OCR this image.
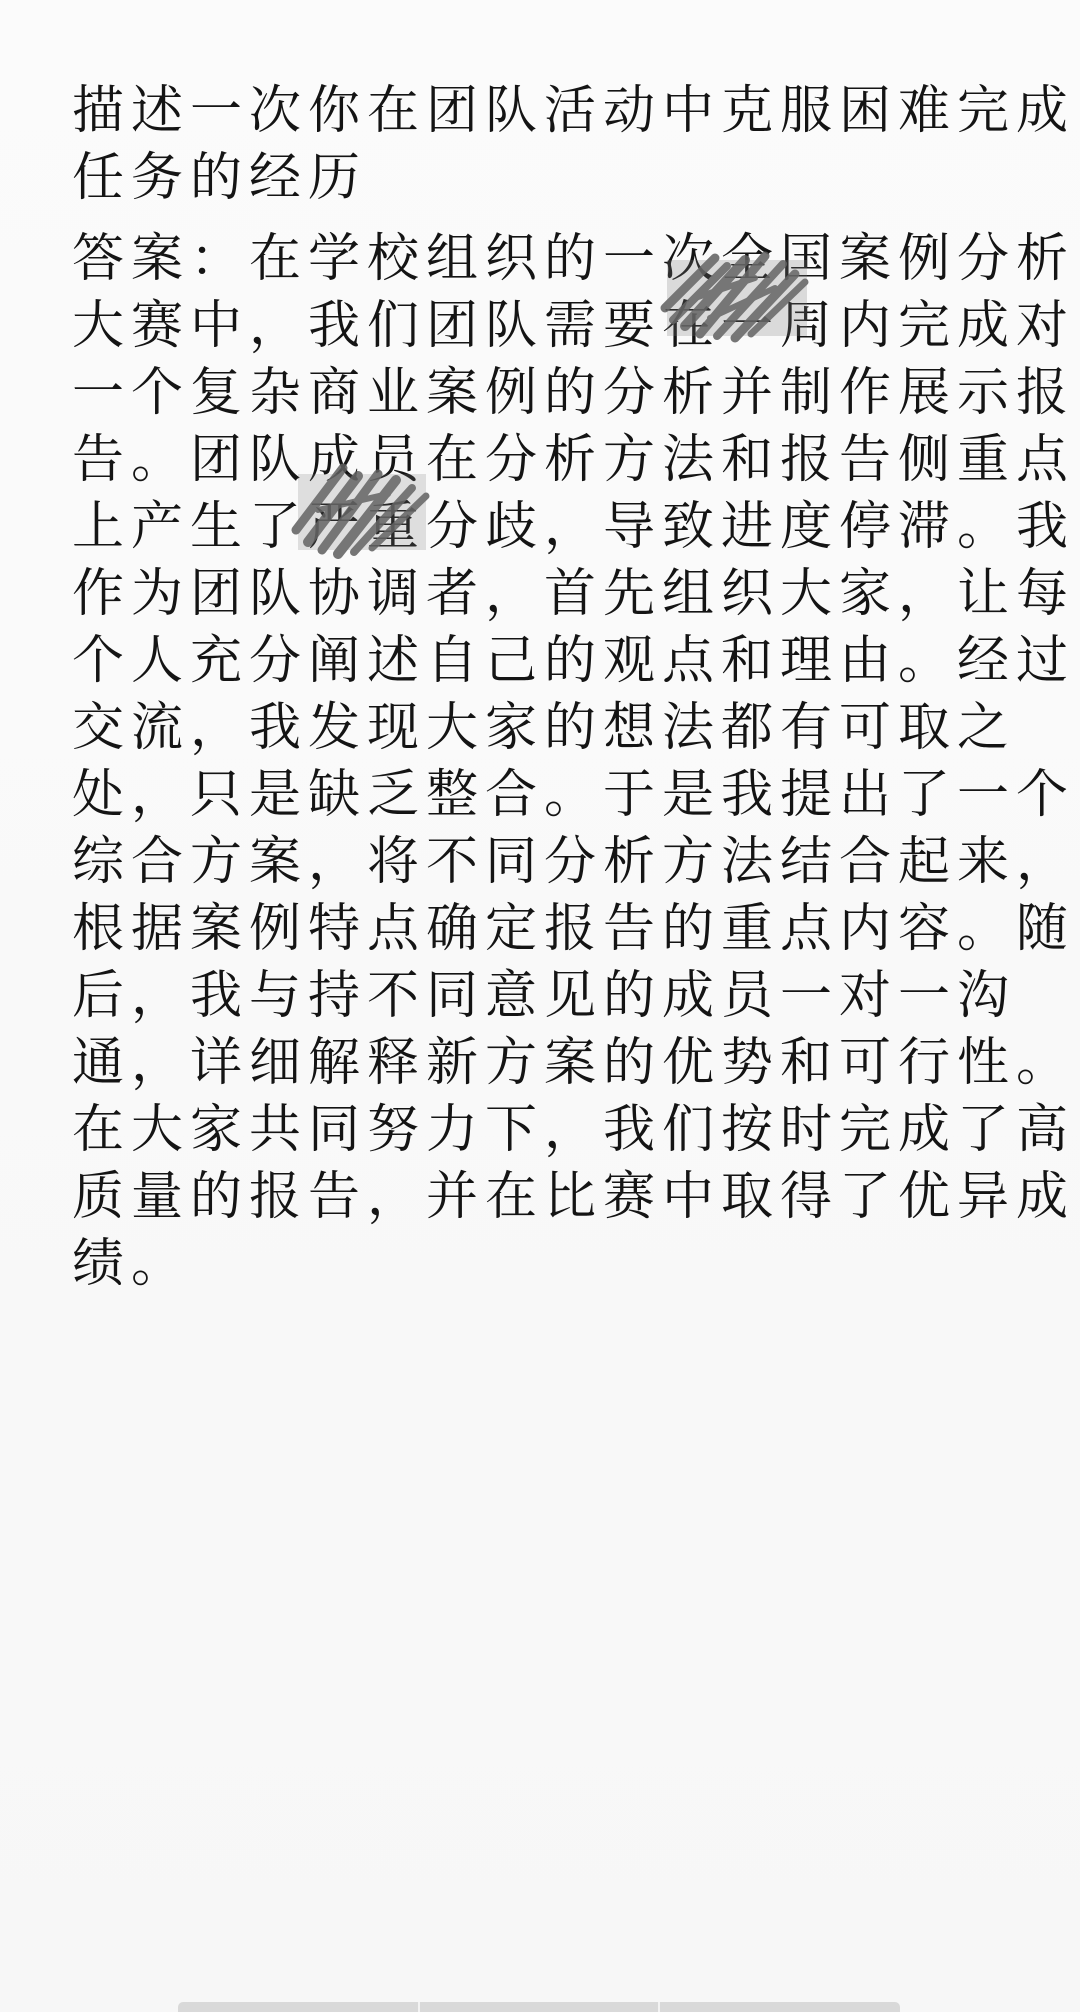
描述一次你在团队活动中克服困难完成
任务的经历
答案：在学校组织的一次全国案例分析
大赛中，我们团队需要在一周内完成对
一个复杂商业案例的分析并制作展示报
告。团队成员在分析方法和报告侧重点
上产生了严重分歧，导致进度停滞。我
作为团队协调者，首先组织大家，让每
个人充分阐述自己的观点和理由。经过
交流，我发现大家的想法都有可取之
处，只是缺乏整合。于是我提出了一个
综合方案，将不同分析方法结合起来，
根据案例特点确定报告的重点内容。随
后，我与持不同意见的成员一对一沟
通，详细解释新方案的优势和可行性。
在大家共同努力下，我们按时完成了高
质量的报告，并在比赛中取得了优异成
绩。
